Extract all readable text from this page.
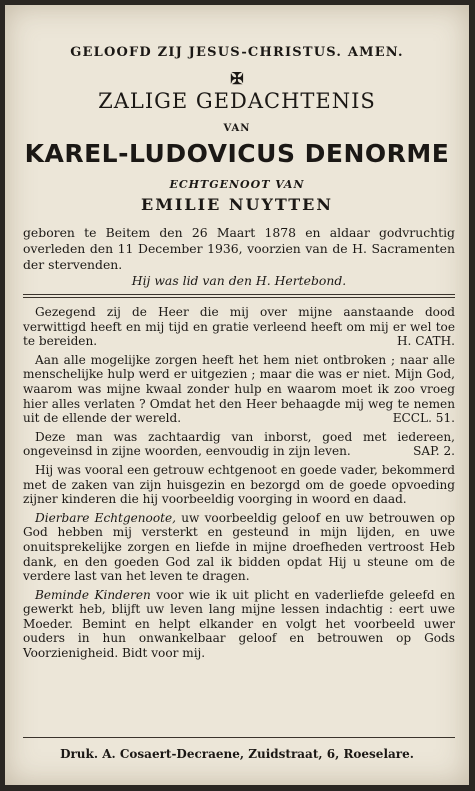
GELOOFD ZIJ JESUS-CHRISTUS. AMEN.
✠
ZALIGE GEDACHTENIS
VAN
KAREL-LUDOVICUS DENORME
ECHTGENOOT VAN
EMILIE NUYTTEN
geboren te Beitem den 26 Maart 1878 en aldaar godvruchtig overleden den 11 December 1936, voorzien van de H. Sacramenten der stervenden.
Hij was lid van den H. Hertebond.

Gezegend zij de Heer die mij over mijne aanstaande dood verwittigd heeft en mij tijd en gratie verleend heeft om mij er wel toe te bereiden.	H. CATH.

Aan alle mogelijke zorgen heeft het hem niet ontbroken ; naar alle menschelijke hulp werd er uitgezien ; maar die was er niet. Mijn God, waarom was mijne kwaal zonder hulp en waarom moet ik zoo vroeg hier alles verlaten ? Omdat het den Heer behaagde mij weg te nemen uit de ellende der wereld.	ECCL. 51.

Deze man was zachtaardig van inborst, goed met iedereen, ongeveinsd in zijne woorden, eenvoudig in zijn leven.	SAP. 2.

Hij was vooral een getrouw echtgenoot en goede vader, bekommerd met de zaken van zijn huisgezin en bezorgd om de goede opvoeding zijner kinderen die hij voorbeeldig voorging in woord en daad.

Dierbare Echtgenoote, uw voorbeeldig geloof en uw betrouwen op God hebben mij versterkt en gesteund in mijn lijden, en uwe onuitsprekelijke zorgen en liefde in mijne droefheden vertroost Heb dank, en den goeden God zal ik bidden opdat Hij u steune om de verdere last van het leven te dragen.

Beminde Kinderen voor wie ik uit plicht en vaderliefde geleefd en gewerkt heb, blijft uw leven lang mijne lessen indachtig : eert uwe Moeder. Bemint en helpt elkander en volgt het voorbeeld uwer ouders in hun onwankelbaar geloof en betrouwen op Gods Voorzienigheid. Bidt voor mij.

Druk. A. Cosaert-Decraene, Zuidstraat, 6, Roeselare.
